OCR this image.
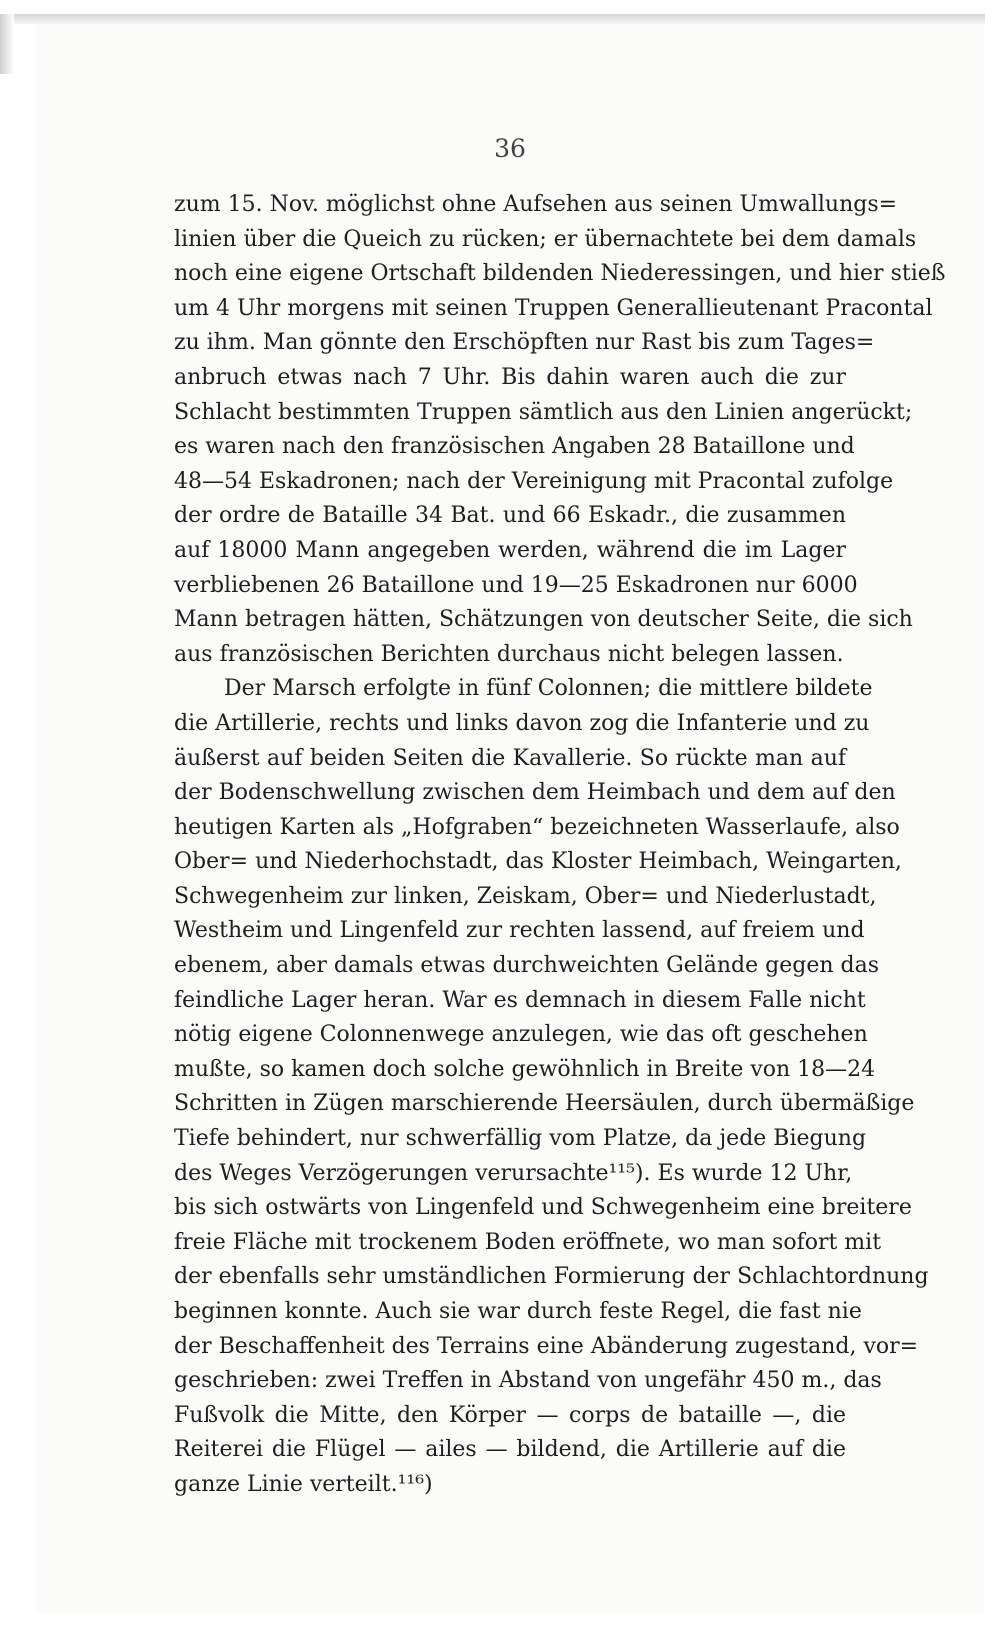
36
zum 15. Nov. möglichst ohne Aufsehen aus seinen Umwallungs=
linien über die Queich zu rücken; er übernachtete bei dem damals
noch eine eigene Ortschaft bildenden Niederessingen, und hier stieß
um 4 Uhr morgens mit seinen Truppen Generallieutenant Pracontal
zu ihm. Man gönnte den Erschöpften nur Rast bis zum Tages=
anbruch etwas nach 7 Uhr. Bis dahin waren auch die zur
Schlacht bestimmten Truppen sämtlich aus den Linien angerückt;
es waren nach den französischen Angaben 28 Bataillone und
48—54 Eskadronen; nach der Vereinigung mit Pracontal zufolge
der ordre de Bataille 34 Bat. und 66 Eskadr., die zusammen
auf 18000 Mann angegeben werden, während die im Lager
verbliebenen 26 Bataillone und 19—25 Eskadronen nur 6000
Mann betragen hätten, Schätzungen von deutscher Seite, die sich
aus französischen Berichten durchaus nicht belegen lassen.
Der Marsch erfolgte in fünf Colonnen; die mittlere bildete
die Artillerie, rechts und links davon zog die Infanterie und zu
äußerst auf beiden Seiten die Kavallerie. So rückte man auf
der Bodenschwellung zwischen dem Heimbach und dem auf den
heutigen Karten als „Hofgraben“ bezeichneten Wasserlaufe, also
Ober= und Niederhochstadt, das Kloster Heimbach, Weingarten,
Schwegenheim zur linken, Zeiskam, Ober= und Niederlustadt,
Westheim und Lingenfeld zur rechten lassend, auf freiem und
ebenem, aber damals etwas durchweichten Gelände gegen das
feindliche Lager heran. War es demnach in diesem Falle nicht
nötig eigene Colonnenwege anzulegen, wie das oft geschehen
mußte, so kamen doch solche gewöhnlich in Breite von 18—24
Schritten in Zügen marschierende Heersäulen, durch übermäßige
Tiefe behindert, nur schwerfällig vom Platze, da jede Biegung
des Weges Verzögerungen verursachte¹¹⁵). Es wurde 12 Uhr,
bis sich ostwärts von Lingenfeld und Schwegenheim eine breitere
freie Fläche mit trockenem Boden eröffnete, wo man sofort mit
der ebenfalls sehr umständlichen Formierung der Schlachtordnung
beginnen konnte. Auch sie war durch feste Regel, die fast nie
der Beschaffenheit des Terrains eine Abänderung zugestand, vor=
geschrieben: zwei Treffen in Abstand von ungefähr 450 m., das
Fußvolk die Mitte, den Körper — corps de bataille —, die
Reiterei die Flügel — ailes — bildend, die Artillerie auf die
ganze Linie verteilt.¹¹⁶)
